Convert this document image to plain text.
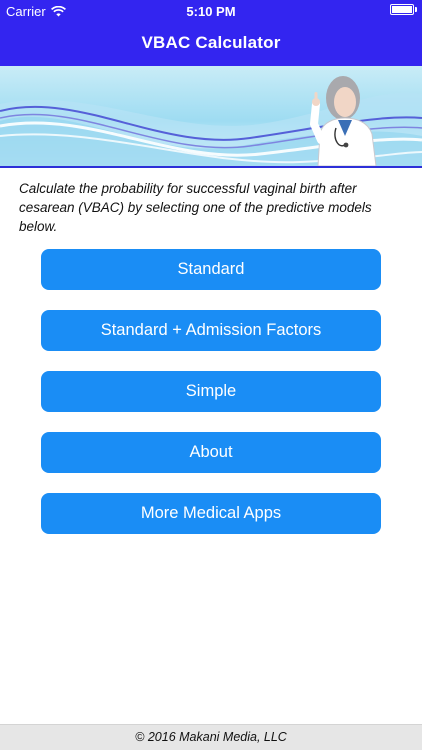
Carrier	5:10 PM
VBAC Calculator
Calculate the probability for successful vaginal birth after cesarean (VBAC) by selecting one of the predictive models below.
Standard
Standard + Admission Factors
Simple
About
More Medical Apps
© 2016 Makani Media, LLC
